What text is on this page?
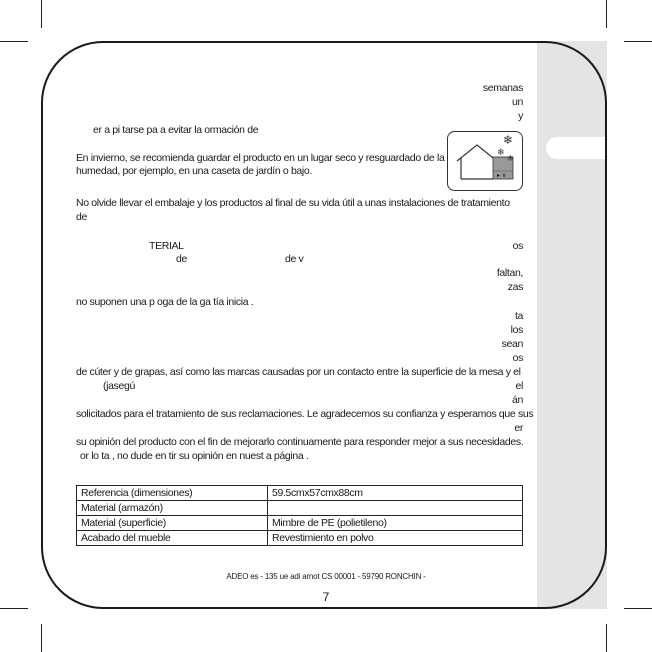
semanas
un
y
er a pi tarse pa a evitar la ormación de
En invierno, se recomienda guardar el producto en un lugar seco y resguardado de la
humedad, por ejemplo, en una caseta de jardín o bajo.	▸ ∨
❄
❄
❄
No olvide llevar el embalaje y los productos al final de su vida útil a unas instalaciones de tratamiento
de
TERIAL	os
de	de v
faltan,
zas
no suponen una p oga de la ga tía inicia .
ta
los
sean
os
de cúter y de grapas, así como las marcas causadas por un contacto entre la superficie de la mesa y el
(jasegú	el
án
solicitados para el tratamiento de sus reclamaciones. Le agradecemos su confianza y esperamos que sus
er
su opinión del producto con el fin de mejorarlo continuamente para responder mejor a sus necesidades.
or lo ta , no dude en tir su opinión en nuest a página .
Referencia (dimensiones)	59.5cmx57cmx88cm
Material (armazón)	
Material (superficie)	Mimbre de PE (polietileno)
Acabado del mueble	Revestimiento en polvo
ADEO es - 135 ue adi arnot CS 00001 - 59790 RONCHIN -
7
